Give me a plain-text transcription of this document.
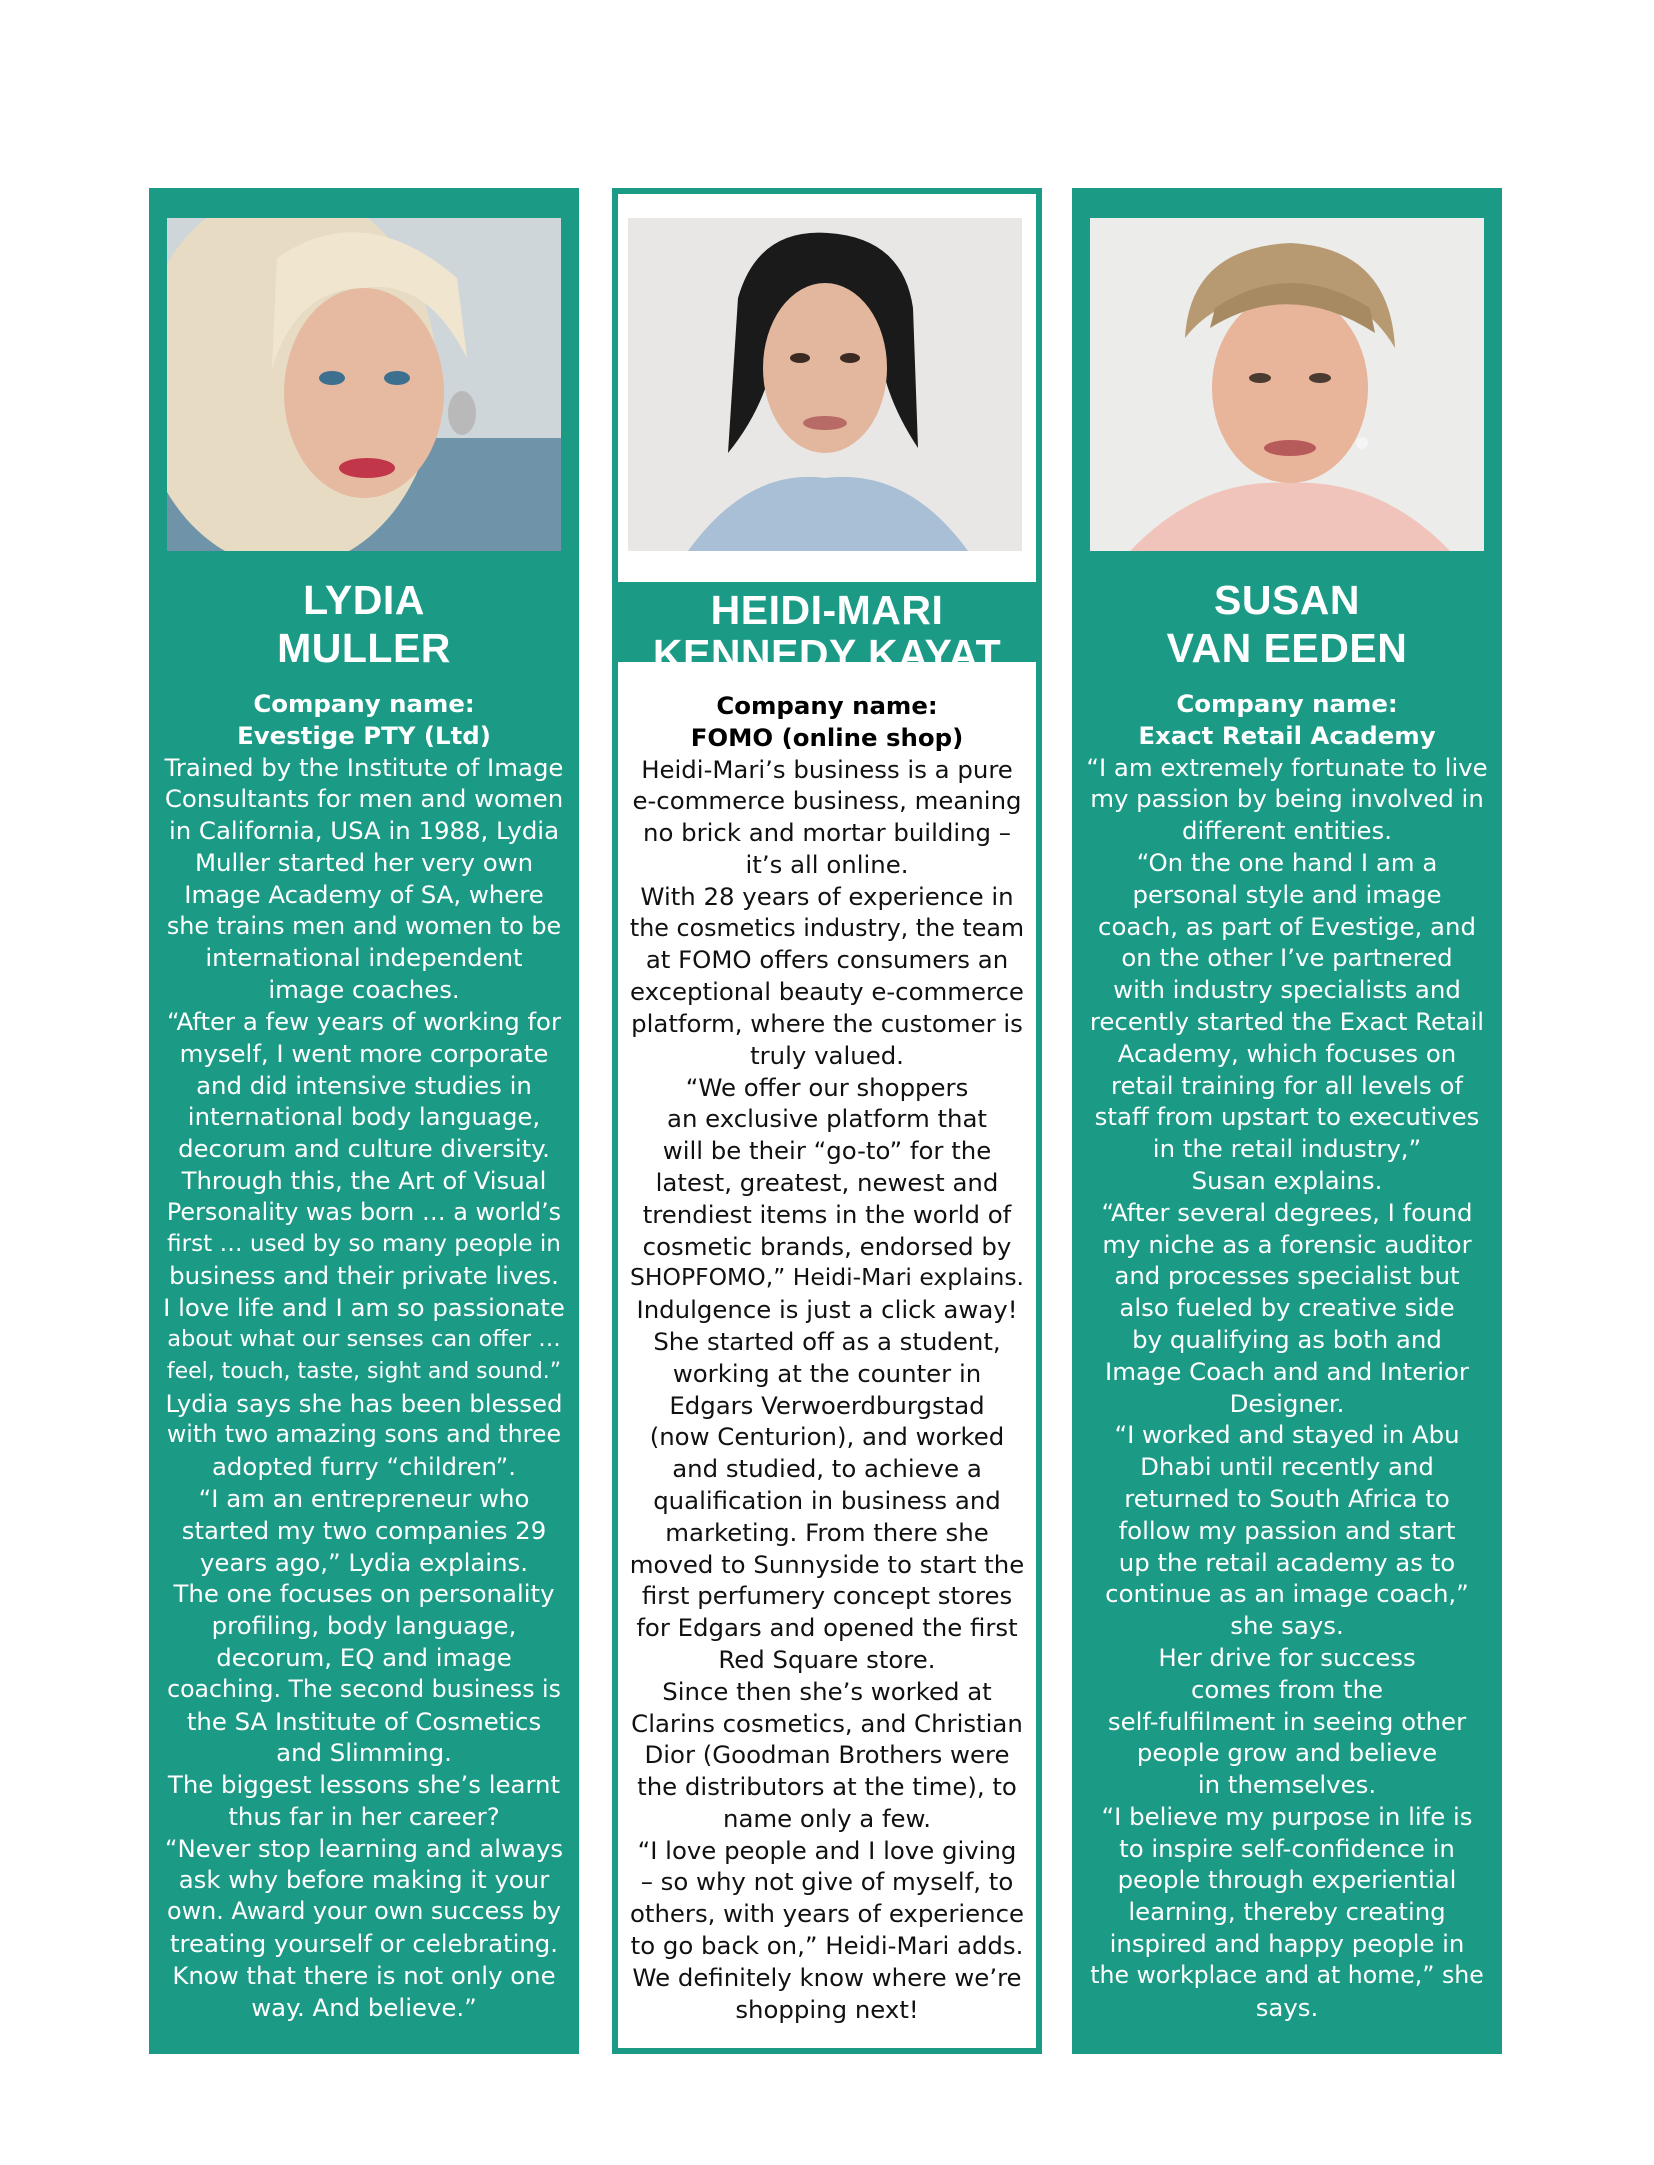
LYDIA
MULLER
Company name:
Evestige PTY (Ltd)
Trained by the Institute of Image
Consultants for men and women
in California, USA in 1988, Lydia
Muller started her very own
Image Academy of SA, where
she trains men and women to be
international independent
image coaches.
“After a few years of working for
myself, I went more corporate
and did intensive studies in
international body language,
decorum and culture diversity.
Through this, the Art of Visual
Personality was born … a world’s
first … used by so many people in
business and their private lives.
I love life and I am so passionate
about what our senses can offer …
feel, touch, taste, sight and sound.”
Lydia says she has been blessed
with two amazing sons and three
adopted furry “children”.
“I am an entrepreneur who
started my two companies 29
years ago,” Lydia explains.
The one focuses on personality
profiling, body language,
decorum, EQ and image
coaching. The second business is
the SA Institute of Cosmetics
and Slimming.
The biggest lessons she’s learnt
thus far in her career?
“Never stop learning and always
ask why before making it your
own. Award your own success by
treating yourself or celebrating.
Know that there is not only one
way. And believe.”
HEIDI-MARI
KENNEDY KAYAT
Company name:
FOMO (online shop)
Heidi-Mari’s business is a pure
e-commerce business, meaning
no brick and mortar building –
it’s all online.
With 28 years of experience in
the cosmetics industry, the team
at FOMO offers consumers an
exceptional beauty e-commerce
platform, where the customer is
truly valued.
“We offer our shoppers
an exclusive platform that
will be their “go-to” for the
latest, greatest, newest and
trendiest items in the world of
cosmetic brands, endorsed by
SHOPFOMO,” Heidi-Mari explains.
Indulgence is just a click away!
She started off as a student,
working at the counter in
Edgars Verwoerdburgstad
(now Centurion), and worked
and studied, to achieve a
qualification in business and
marketing. From there she
moved to Sunnyside to start the
first perfumery concept stores
for Edgars and opened the first
Red Square store.
Since then she’s worked at
Clarins cosmetics, and Christian
Dior (Goodman Brothers were
the distributors at the time), to
name only a few.
“I love people and I love giving
– so why not give of myself, to
others, with years of experience
to go back on,” Heidi-Mari adds.
We definitely know where we’re
shopping next!
SUSAN
VAN EEDEN
Company name:
Exact Retail Academy
“I am extremely fortunate to live
my passion by being involved in
different entities.
“On the one hand I am a
personal style and image
coach, as part of Evestige, and
on the other I’ve partnered
with industry specialists and
recently started the Exact Retail
Academy, which focuses on
retail training for all levels of
staff from upstart to executives
in the retail industry,”
Susan explains.
“After several degrees, I found
my niche as a forensic auditor
and processes specialist but
also fueled by creative side
by qualifying as both and
Image Coach and and Interior
Designer.
“I worked and stayed in Abu
Dhabi until recently and
returned to South Africa to
follow my passion and start
up the retail academy as to
continue as an image coach,”
she says.
Her drive for success
comes from the
self-fulfilment in seeing other
people grow and believe
in themselves.
“I believe my purpose in life is
to inspire self-confidence in
people through experiential
learning, thereby creating
inspired and happy people in
the workplace and at home,” she
says.
